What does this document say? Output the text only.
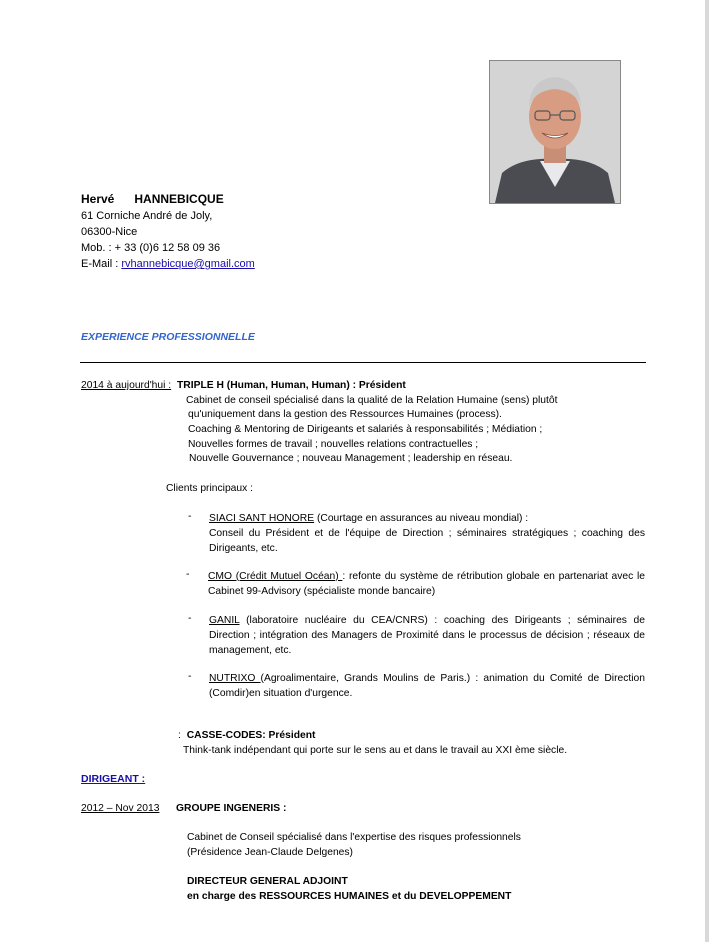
Hervé HANNEBICQUE
61 Corniche André de Joly,
06300-Nice
Mob. : + 33 (0)6 12 58 09 36
E-Mail : rvhannebicque@gmail.com
EXPERIENCE PROFESSIONNELLE
2014 à aujourd'hui : TRIPLE H (Human, Human, Human) : Président
Cabinet de conseil spécialisé dans la qualité de la Relation Humaine (sens) plutôt
qu'uniquement dans la gestion des Ressources Humaines (process).
Coaching & Mentoring de Dirigeants et salariés à responsabilités ; Médiation ;
Nouvelles formes de travail ; nouvelles relations contractuelles ;
Nouvelle Gouvernance ; nouveau Management ; leadership en réseau.
Clients principaux :
- SIACI SANT HONORE (Courtage en assurances au niveau mondial) :
Conseil du Président et de l'équipe de Direction ; séminaires stratégiques ; coaching des Dirigeants, etc.
- CMO (Crédit Mutuel Océan) : refonte du système de rétribution globale en partenariat avec le Cabinet 99-Advisory (spécialiste monde bancaire)
- GANIL (laboratoire nucléaire du CEA/CNRS) : coaching des Dirigeants ; séminaires de Direction ; intégration des Managers de Proximité dans le processus de décision ; réseaux de management, etc.
- NUTRIXO (Agroalimentaire, Grands Moulins de Paris.) : animation du Comité de Direction (Comdir)en situation d'urgence.
: CASSE-CODES: Président
Think-tank indépendant qui porte sur le sens au et dans le travail au XXI ème siècle.
DIRIGEANT :
2012 – Nov 2013 GROUPE INGENERIS :
Cabinet de Conseil spécialisé dans l'expertise des risques professionnels
(Présidence Jean-Claude Delgenes)
DIRECTEUR GENERAL ADJOINT
en charge des RESSOURCES HUMAINES et du DEVELOPPEMENT
